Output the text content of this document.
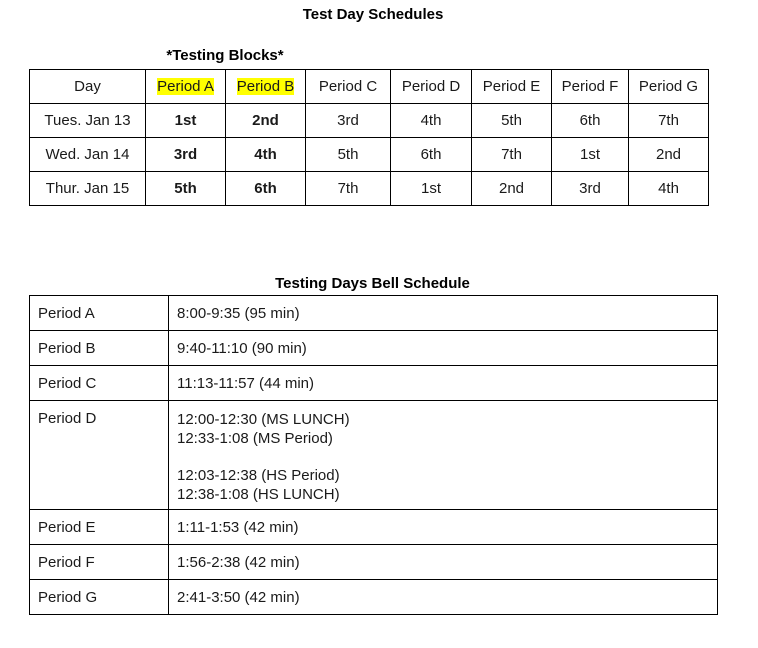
Test Day Schedules
*Testing Blocks*
Day	Period A	Period B	Period C	Period D	Period E	Period F	Period G
Tues. Jan 13	1st	2nd	3rd	4th	5th	6th	7th
Wed. Jan 14	3rd	4th	5th	6th	7th	1st	2nd
Thur. Jan 15	5th	6th	7th	1st	2nd	3rd	4th
Testing Days Bell Schedule
Period A	8:00-9:35 (95 min)
Period B	9:40-11:10 (90 min)
Period C	11:13-11:57 (44 min)
Period D	12:00-12:30 (MS LUNCH)
12:33-1:08 (MS Period)
12:03-12:38 (HS Period)
12:38-1:08 (HS LUNCH)

Period E	1:11-1:53 (42 min)
Period F	1:56-2:38 (42 min)
Period G	2:41-3:50 (42 min)
